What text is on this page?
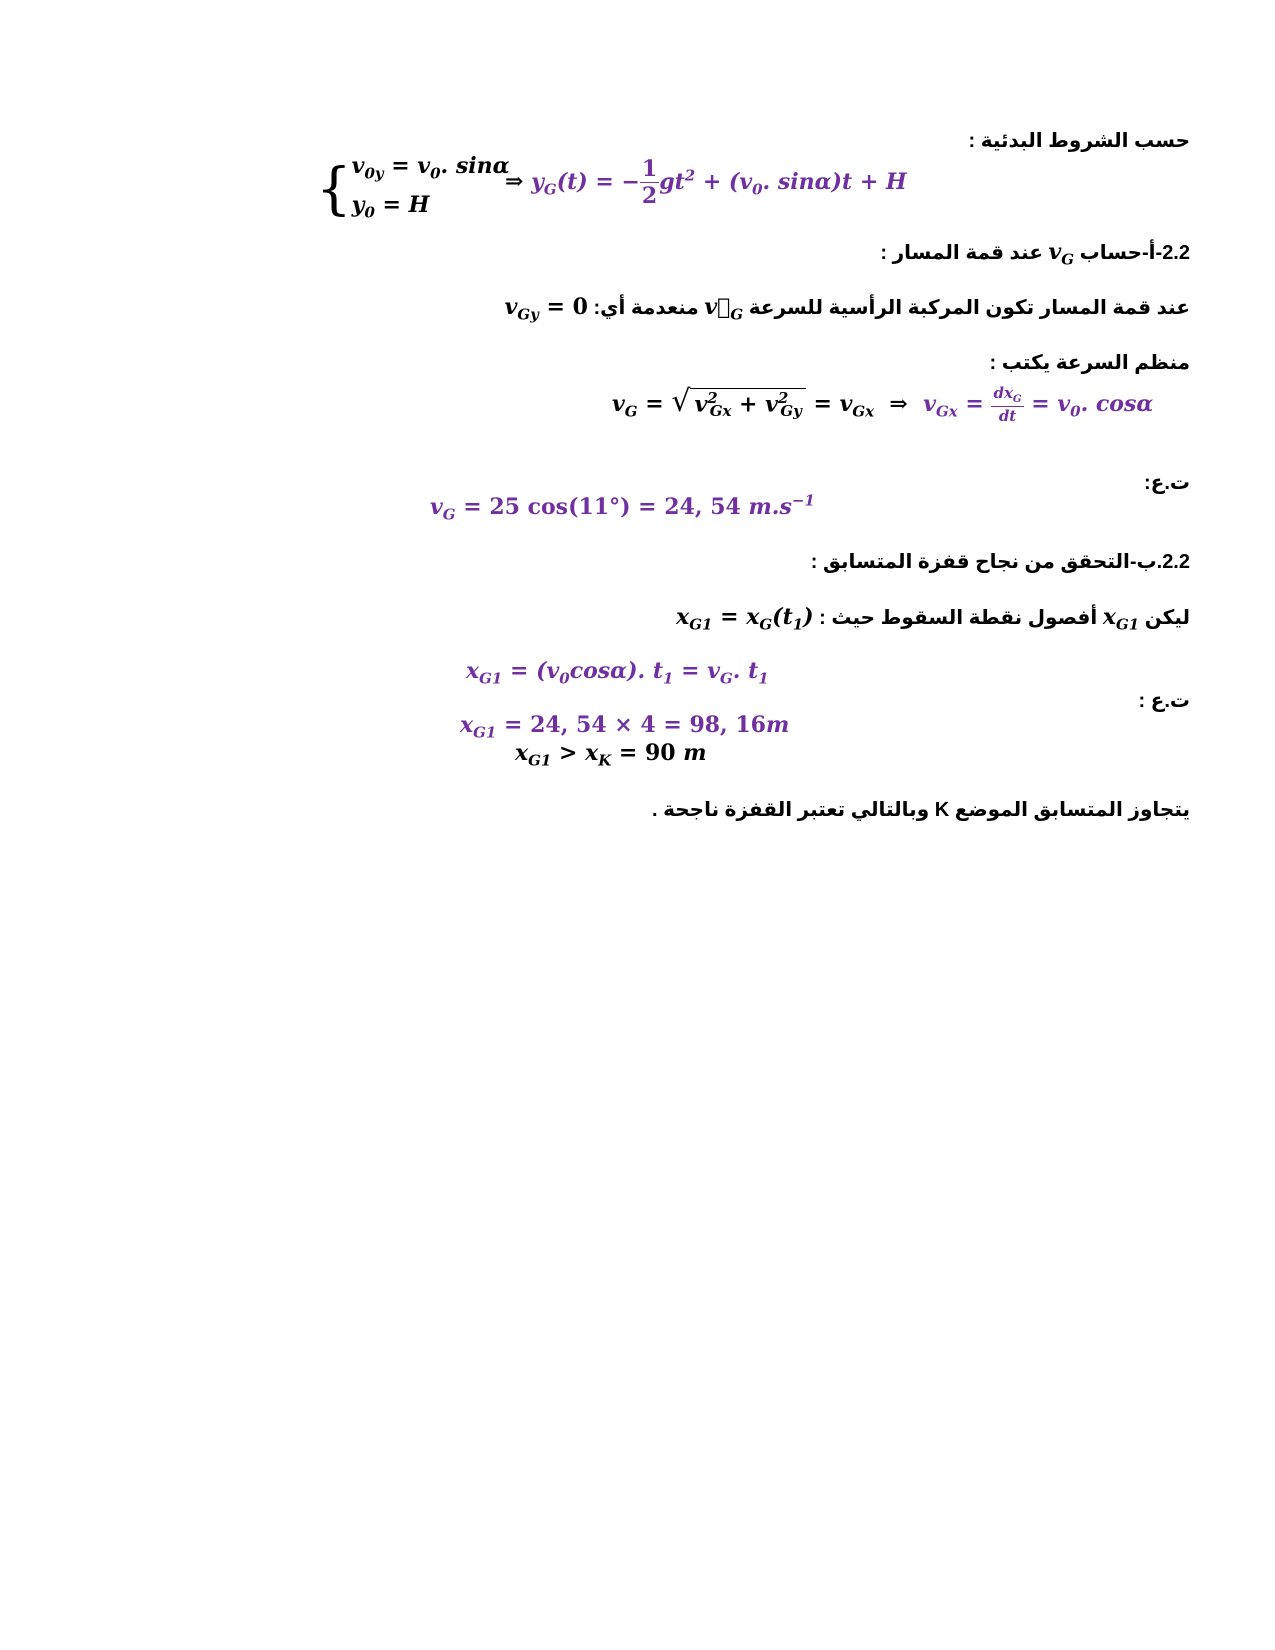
حسب الشروط البدئية :
{$v_{0y} = v_0$. sinα
$y_0 = H$
⇒ $y_G(t)$ = − $\frac{1}{2} gt^2 + (v_0$. sinα)t + H
2.2-أ-حساب $v_G$ عند قمة المسار :
عند قمة المسار تكون المركبة الرأسية للسرعة $v⃗_G$ منعدمة أي:  $v_{Gy} = 0$
منظم السرعة يكتب :
$v_G$ = √ $v^2_{Gx} + v^2_{Gy} = v_{Gx}$ ⇒ $v_{Gx} = \frac{dx_G}{dt} = v_0$. cosα
ت.ع:
$v_G = 25$ cos(11°) = 24, 54 $m.s^{-1}$
2.2.ب-التحقق من نجاح قفزة المتسابق :
ليكن $x_{G1}$ أفصول نقطة السقوط حيث : $x_{G1} = x_G(t_1)$
$x_{G1} = (v_0\cos\alpha)$. $t_1 = v_G$. $t_1$
ت.ع :
$x_{G1} = 24$, 54 × 4 = 98, 16m
$x_{G1} > x_K = 90$ m
يتجاوز المتسابق الموضع K وبالتالي تعتبر القفزة ناجحة .
